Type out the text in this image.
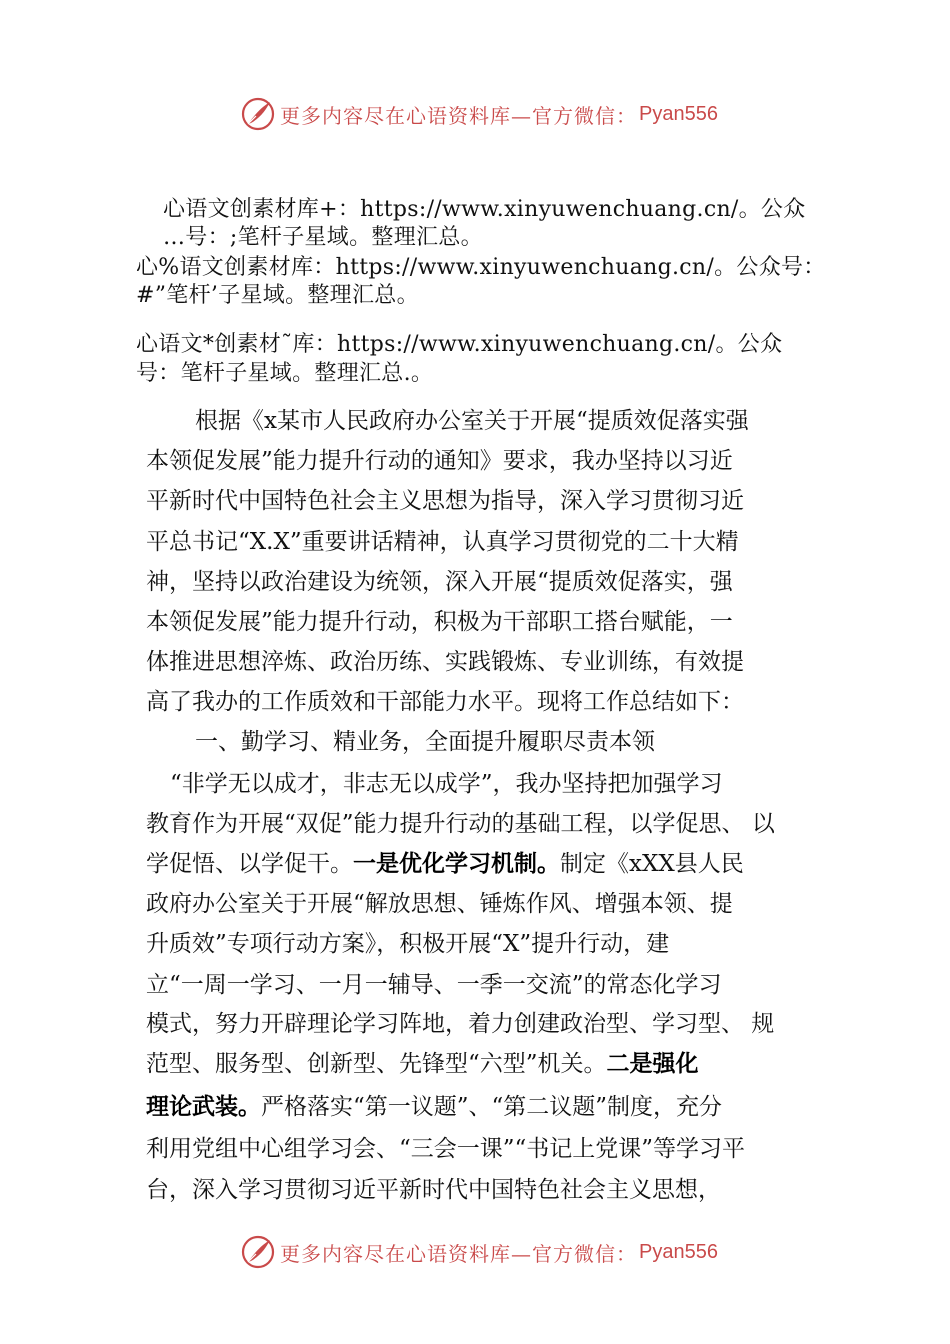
更多内容尽在心语资料库—官方微信： Pyan556
心语文创素材库+：https://www.xinyuwenchuang.cn/。公众
…号：;笔杆子星域。整理汇总。
心%语文创素材库：https://www.xinyuwenchuang.cn/。公众号：
#”笔杆’子星域。整理汇总。
心语文*创素材˜库：https://www.xinyuwenchuang.cn/。公众
号：笔杆子星域。整理汇总.。
根据《x某市人民政府办公室关于开展“提质效促落实强
本领促发展”能力提升行动的通知》要求，我办坚持以习近
平新时代中国特色社会主义思想为指导，深入学习贯彻习近
平总书记“X.X”重要讲话精神，认真学习贯彻党的二十大精
神，坚持以政治建设为统领，深入开展“提质效促落实，强
本领促发展”能力提升行动，积极为干部职工搭台赋能，一
体推进思想淬炼、政治历练、实践锻炼、专业训练，有效提
高了我办的工作质效和干部能力水平。现将工作总结如下：
一、勤学习、精业务，全面提升履职尽责本领
“非学无以成才，非志无以成学”，我办坚持把加强学习
教育作为开展“双促”能力提升行动的基础工程，以学促思、 以
学促悟、以学促干。一是优化学习机制。制定《xXX县人民
政府办公室关于开展“解放思想、锤炼作风、增强本领、提
升质效”专项行动方案》，积极开展“X”提升行动，建
立“一周一学习、一月一辅导、一季一交流”的常态化学习
模式，努力开辟理论学习阵地，着力创建政治型、学习型、 规
范型、服务型、创新型、先锋型“六型”机关。二是强化
理论武装。严格落实“第一议题”、“第二议题”制度，充分
利用党组中心组学习会、“三会一课”“书记上党课”等学习平
台，深入学习贯彻习近平新时代中国特色社会主义思想，
更多内容尽在心语资料库—官方微信： Pyan556
